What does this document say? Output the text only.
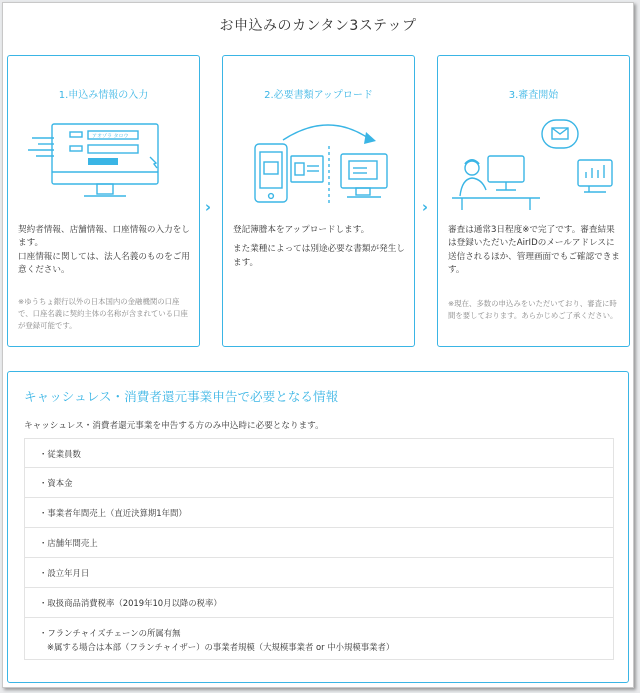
お申込みのカンタン3ステップ
1.申込み情報の入力
アオゾラ タロウ

契約者情報、店舗情報、口座情報の入力をします。

口座情報に関しては、法人名義のものをご用意ください。

※ゆうちょ銀行以外の日本国内の金融機関の口座で、口座名義に契約主体の名称が含まれている口座が登録可能です。
›
2.必要書類アップロード

登記簿謄本をアップロードします。

また業種によっては別途必要な書類が発生します。

›
3.審査開始

審査は通常3日程度※で完了です。審査結果は登録いただいたAirIDのメールアドレスに送信されるほか、管理画面でもご確認できます。

※現在、多数の申込みをいただいており、審査に時間を要しております。あらかじめご了承ください。
キャッシュレス・消費者還元事業申告で必要となる情報
キャッシュレス・消費者還元事業を申告する方のみ申込時に必要となります。
・従業員数
・資本金
・事業者年間売上（直近決算期1年間）
・店舗年間売上
・設立年月日
・取扱商品消費税率（2019年10月以降の税率）
・フランチャイズチェーンの所属有無
※属する場合は本部（フランチャイザー）の事業者規模（大規模事業者 or 中小規模事業者）
